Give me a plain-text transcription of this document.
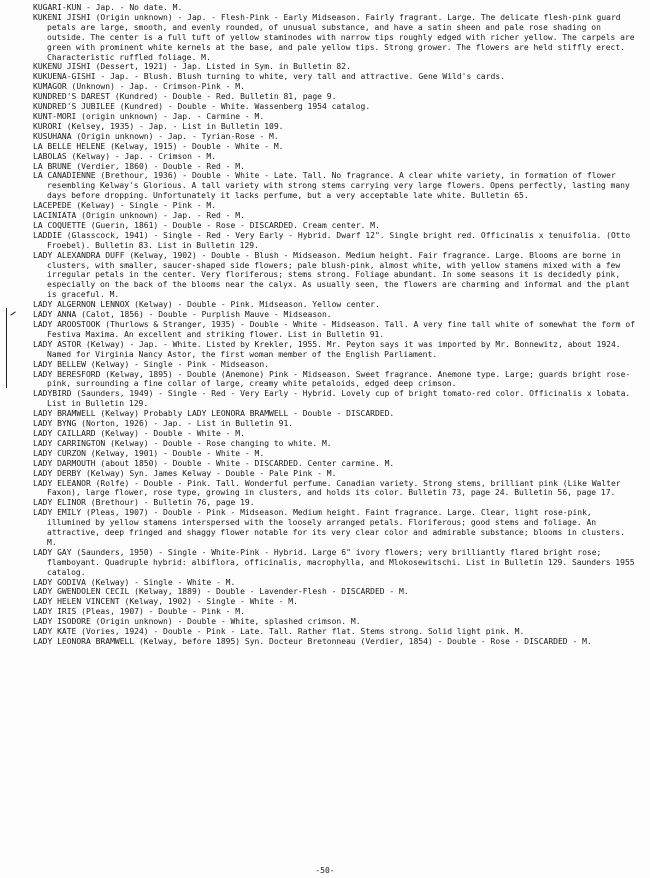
KUGARI-KUN - Jap. - No date. M.
KUKENI JISHI (Origin unknown) - Jap. - Flesh-Pink - Early Midseason. Fairly fragrant. Large. The delicate flesh-pink guard petals are large, smooth, and evenly rounded, of unusual substance, and have a satin sheen and pale rose shading on outside. The center is a full tuft of yellow staminodes with narrow tips roughly edged with richer yellow. The carpels are green with prominent white kernels at the base, and pale yellow tips. Strong grower. The flowers are held stiffly erect. Characteristic ruffled foliage. M.
KUKENU JISHI (Dessert, 1921) - Jap. Listed in Sym. in Bulletin 82.
KUKUENA-GISHI - Jap. - Blush. Blush turning to white, very tall and attractive. Gene Wild's cards.
KUMAGOR (Unknown) - Jap. - Crimson-Pink - M.
KUNDRED'S DAREST (Kundred) - Double - Red. Bulletin 81, page 9.
KUNDRED'S JUBILEE (Kundred) - Double - White. Wassenberg 1954 catalog.
KUNT-MORI (origin unknown) - Jap. - Carmine - M.
KURORI (Kelsey, 1935) - Jap. - List in Bulletin 109.
KUSUHANA (Origin unknown) - Jap. - Tyrian-Rose - M.
LA BELLE HELENE (Kelway, 1915) - Double - White - M.
LABOLAS (Kelway) - Jap. - Crimson - M.
LA BRUNE (Verdier, 1860) - Double - Red - M.
LA CANADIENNE (Brethour, 1936) - Double - White - Late. Tall. No fragrance. A clear white variety, in formation of flower resembling Kelway's Glorious. A tall variety with strong stems carrying very large flowers. Opens perfectly, lasting many days before dropping. Unfortunately it lacks perfume, but a very acceptable late white. Bulletin 65.
LACEPEDE (Kelway) - Single - Pink - M.
LACINIATA (Origin unknown) - Jap. - Red - M.
LA COQUETTE (Guerin, 1861) - Double - Rose - DISCARDED. Cream center. M.
LADDIE (Glasscock, 1941) - Single - Red - Very Early - Hybrid. Dwarf 12". Single bright red. Officinalis x tenuifolia. (Otto Froebel). Bulletin 83. List in Bulletin 129.
LADY ALEXANDRA DUFF (Kelway, 1902) - Double - Blush - Midseason. Medium height. Fair fragrance. Large. Blooms are borne in clusters, with smaller, saucer-shaped side flowers; pale blush-pink, almost white, with yellow stamens mixed with a few irregular petals in the center. Very floriferous; stems strong. Foliage abundant. In some seasons it is decidedly pink, especially on the back of the blooms near the calyx. As usually seen, the flowers are charming and informal and the plant is graceful. M.
LADY ALGERNON LENNOX (Kelway) - Double - Pink. Midseason. Yellow center.
LADY ANNA (Calot, 1856) - Double - Purplish Mauve - Midseason.
LADY AROOSTOOK (Thurlows & Stranger, 1935) - Double - White - Midseason. Tall. A very fine tall white of somewhat the form of Festiva Maxima. An excellent and striking flower. List in Bulletin 91.
LADY ASTOR (Kelway) - Jap. - White. Listed by Krekler, 1955. Mr. Peyton says it was imported by Mr. Bonnewitz, about 1924. Named for Virginia Nancy Astor, the first woman member of the English Parliament.
LADY BELLEW (Kelway) - Single - Pink - Midseason.
LADY BERESFORD (Kelway, 1895) - Double (Anemone) Pink - Midseason. Sweet fragrance. Anemone type. Large; guards bright rose-pink, surrounding a fine collar of large, creamy white petaloids, edged deep crimson.
LADYBIRD (Saunders, 1949) - Single - Red - Very Early - Hybrid. Lovely cup of bright tomato-red color. Officinalis x lobata. List in Bulletin 129.
LADY BRAMWELL (Kelway) Probably LADY LEONORA BRAMWELL - Double - DISCARDED.
LADY BYNG (Norton, 1926) - Jap. - List in Bulletin 91.
LADY CAILLARD (Kelway) - Double - White - M.
LADY CARRINGTON (Kelway) - Double - Rose changing to white. M.
LADY CURZON (Kelway, 1901) - Double - White - M.
LADY DARMOUTH (about 1850) - Double - White - DISCARDED. Center carmine. M.
LADY DERBY (Kelway) Syn. James Kelway - Double - Pale Pink - M.
LADY ELEANOR (Rolfe) - Double - Pink. Tall. Wonderful perfume. Canadian variety. Strong stems, brilliant pink (Like Walter Faxon), large flower, rose type, growing in clusters, and holds its color. Bulletin 73, page 24. Bulletin 56, page 17.
LADY ELINOR (Brethour) - Bulletin 76, page 19.
LADY EMILY (Pleas, 1907) - Double - Pink - Midseason. Medium height. Faint fragrance. Large. Clear, light rose-pink, illumined by yellow stamens interspersed with the loosely arranged petals. Floriferous; good stems and foliage. An attractive, deep fringed and shaggy flower notable for its very clear color and admirable substance; blooms in clusters. M.
LADY GAY (Saunders, 1950) - Single - White-Pink - Hybrid. Large 6" ivory flowers; very brilliantly flared bright rose; flamboyant. Quadruple hybrid: albiflora, officinalis, macrophylla, and Mlokosewitschi. List in Bulletin 129. Saunders 1955 catalog.
LADY GODIVA (Kelway) - Single - White - M.
LADY GWENDOLEN CECIL (Kelway, 1889) - Double - Lavender-Flesh - DISCARDED - M.
LADY HELEN VINCENT (Kelway, 1902) - Single - White - M.
LADY IRIS (Pleas, 1907) - Double - Pink - M.
LADY ISODORE (Origin unknown) - Double - White, splashed crimson. M.
LADY KATE (Vories, 1924) - Double - Pink - Late. Tall. Rather flat. Stems strong. Solid light pink. M.
LADY LEONORA BRAMWELL (Kelway, before 1895) Syn. Docteur Bretonneau (Verdier, 1854) - Double - Rose - DISCARDED - M.
-50-
